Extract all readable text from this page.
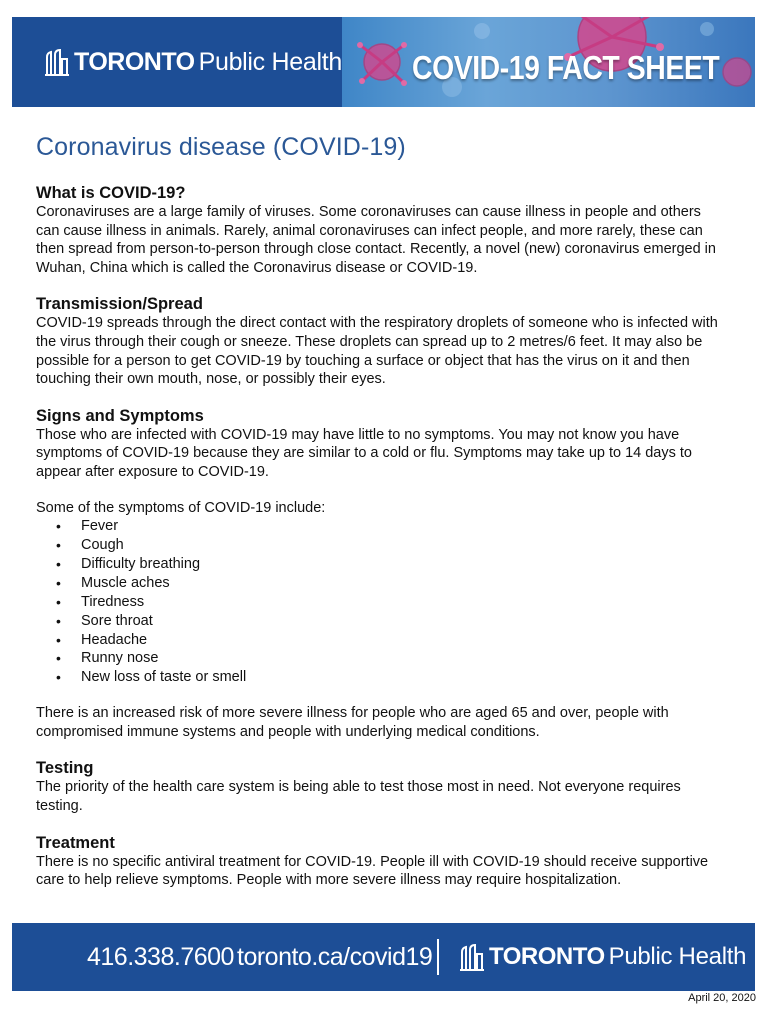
TORONTO Public Health COVID-19 FACT SHEET
Coronavirus disease (COVID-19)
What is COVID-19?

Coronaviruses are a large family of viruses. Some coronaviruses can cause illness in people and others
can cause illness in animals. Rarely, animal coronaviruses can infect people, and more rarely, these can
then spread from person-to-person through close contact. Recently, a novel (new) coronavirus emerged in
Wuhan, China which is called the Coronavirus disease or COVID-19.

Transmission/Spread

COVID-19 spreads through the direct contact with the respiratory droplets of someone who is infected with
the virus through their cough or sneeze. These droplets can spread up to 2 metres/6 feet. It may also be
possible for a person to get COVID-19 by touching a surface or object that has the virus on it and then
touching their own mouth, nose, or possibly their eyes.

Signs and Symptoms

Those who are infected with COVID-19 may have little to no symptoms. You may not know you have
symptoms of COVID-19 because they are similar to a cold or flu. Symptoms may take up to 14 days to
appear after exposure to COVID-19.

Some of the symptoms of COVID-19 include:

•	Fever
•	Cough
•	Difficulty breathing
•	Muscle aches
•	Tiredness
•	Sore throat
•	Headache
•	Runny nose
•	New loss of taste or smell

There is an increased risk of more severe illness for people who are aged 65 and over, people with
compromised immune systems and people with underlying medical conditions.

Testing

The priority of the health care system is being able to test those most in need. Not everyone requires
testing.

Treatment

There is no specific antiviral treatment for COVID-19. People ill with COVID-19 should receive supportive
care to help relieve symptoms. People with more severe illness may require hospitalization.

416.338.7600 toronto.ca/covid19 TORONTO Public Health
April 20, 2020
